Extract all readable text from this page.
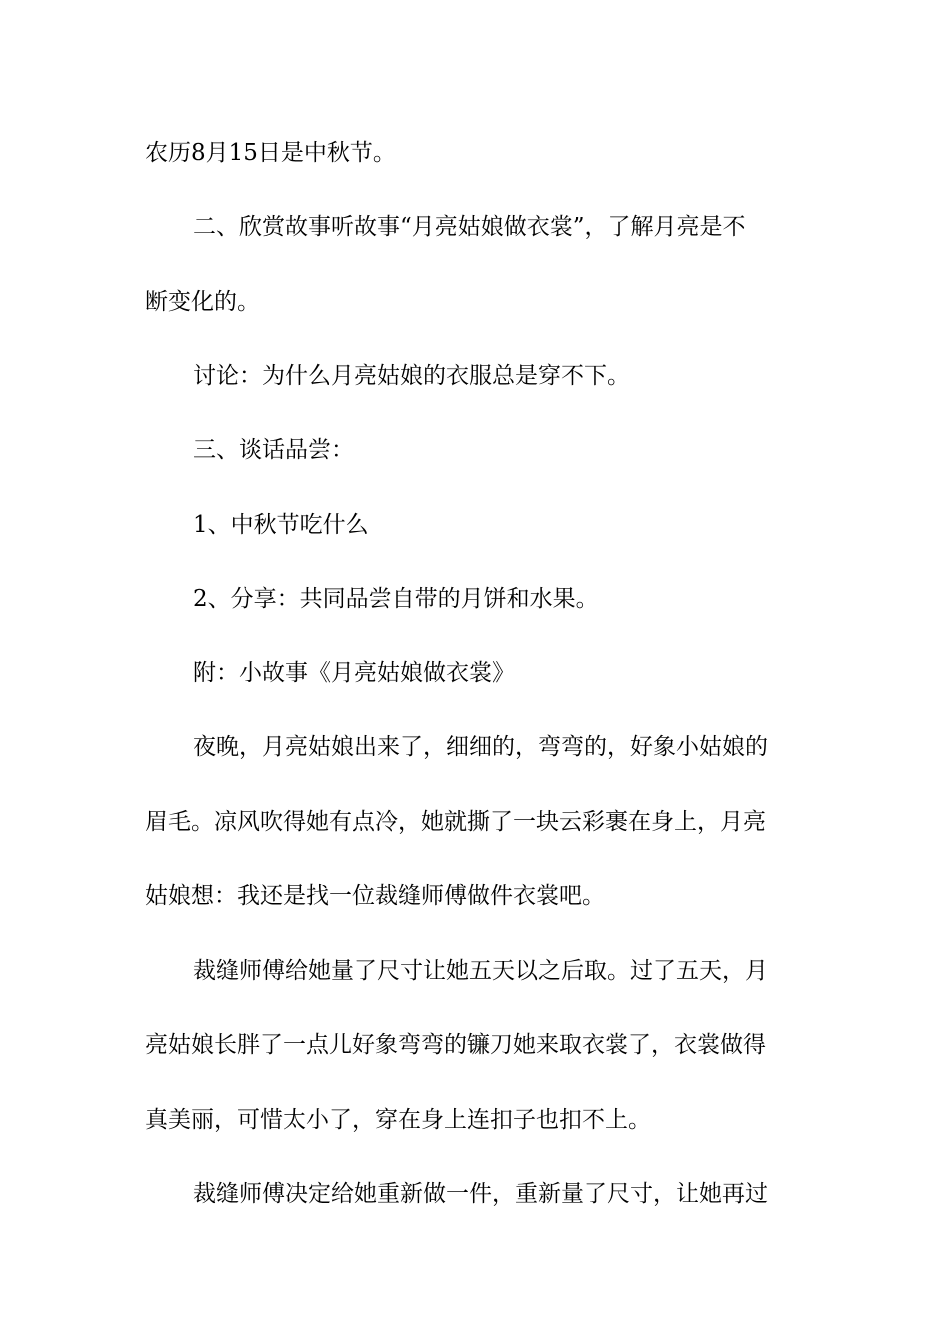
农历8月15日是中秋节。
二、欣赏故事听故事“月亮姑娘做衣裳”，了解月亮是不
断变化的。
讨论：为什么月亮姑娘的衣服总是穿不下。
三、谈话品尝：
1、中秋节吃什么
2、分享：共同品尝自带的月饼和水果。
附：小故事《月亮姑娘做衣裳》
夜晚，月亮姑娘出来了，细细的，弯弯的，好象小姑娘的
眉毛。凉风吹得她有点冷，她就撕了一块云彩裹在身上，月亮
姑娘想：我还是找一位裁缝师傅做件衣裳吧。
裁缝师傅给她量了尺寸让她五天以之后取。过了五天，月
亮姑娘长胖了一点儿好象弯弯的镰刀她来取衣裳了，衣裳做得
真美丽，可惜太小了，穿在身上连扣子也扣不上。
裁缝师傅决定给她重新做一件，重新量了尺寸，让她再过
